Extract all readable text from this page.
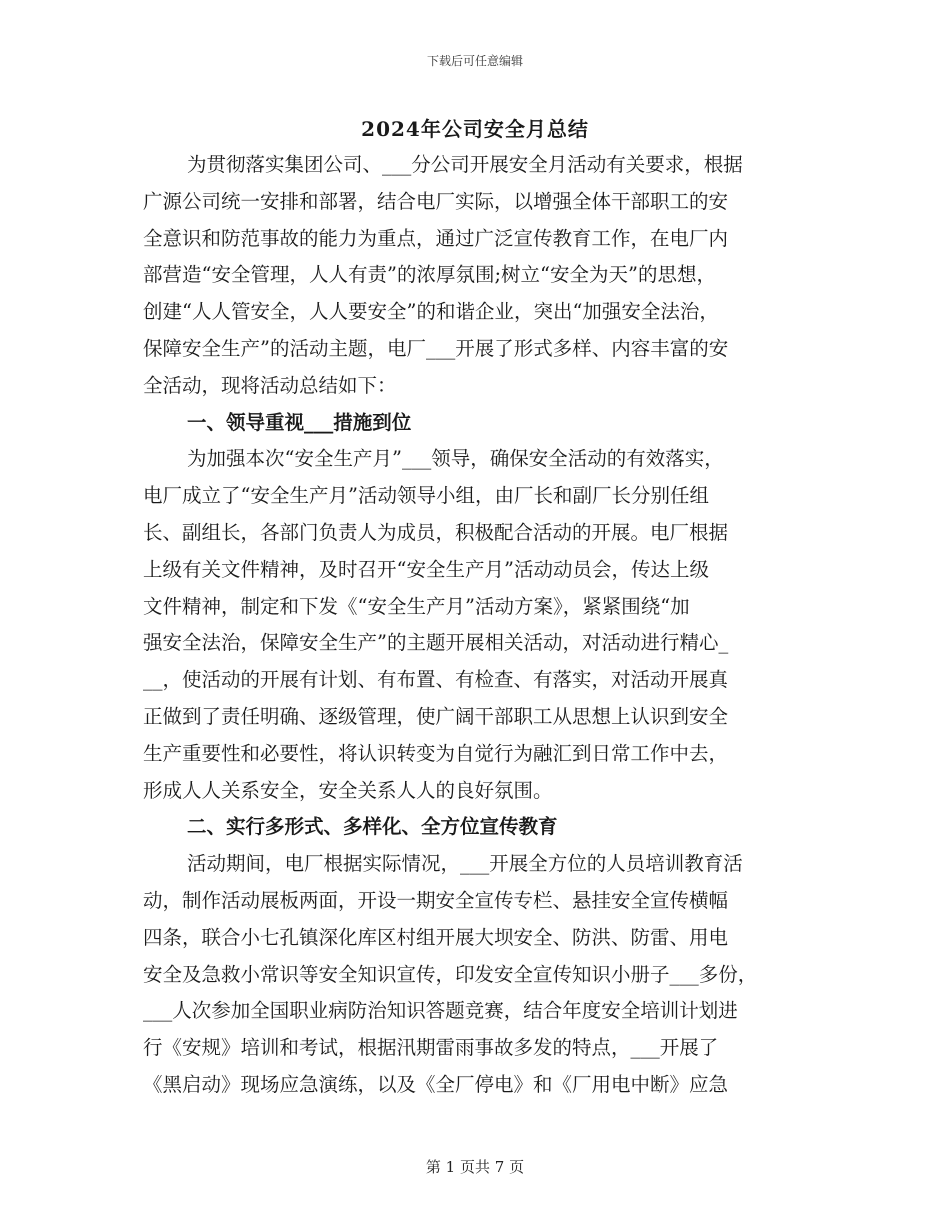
下载后可任意编辑
2024年公司安全月总结
为贯彻落实集团公司、___分公司开展安全月活动有关要求，根据
广源公司统一安排和部署，结合电厂实际，以增强全体干部职工的安
全意识和防范事故的能力为重点，通过广泛宣传教育工作，在电厂内
部营造“安全管理，人人有责”的浓厚氛围;树立“安全为天”的思想，
创建“人人管安全，人人要安全”的和谐企业，突出“加强安全法治，
保障安全生产”的活动主题，电厂___开展了形式多样、内容丰富的安
全活动，现将活动总结如下：
一、领导重视___措施到位
为加强本次“安全生产月”___领导，确保安全活动的有效落实，
电厂成立了“安全生产月”活动领导小组，由厂长和副厂长分别任组
长、副组长，各部门负责人为成员，积极配合活动的开展。电厂根据
上级有关文件精神，及时召开“安全生产月”活动动员会，传达上级
文件精神，制定和下发《“安全生产月”活动方案》，紧紧围绕“加
强安全法治，保障安全生产”的主题开展相关活动，对活动进行精心_
__，使活动的开展有计划、有布置、有检查、有落实，对活动开展真
正做到了责任明确、逐级管理，使广阔干部职工从思想上认识到安全
生产重要性和必要性，将认识转变为自觉行为融汇到日常工作中去，
形成人人关系安全，安全关系人人的良好氛围。
二、实行多形式、多样化、全方位宣传教育
活动期间，电厂根据实际情况，___开展全方位的人员培训教育活
动，制作活动展板两面，开设一期安全宣传专栏、悬挂安全宣传横幅
四条，联合小七孔镇深化库区村组开展大坝安全、防洪、防雷、用电
安全及急救小常识等安全知识宣传，印发安全宣传知识小册子___多份，
___人次参加全国职业病防治知识答题竞赛，结合年度安全培训计划进
行《安规》培训和考试，根据汛期雷雨事故多发的特点，___开展了
《黑启动》现场应急演练，以及《全厂停电》和《厂用电中断》应急
第 1 页共 7 页
